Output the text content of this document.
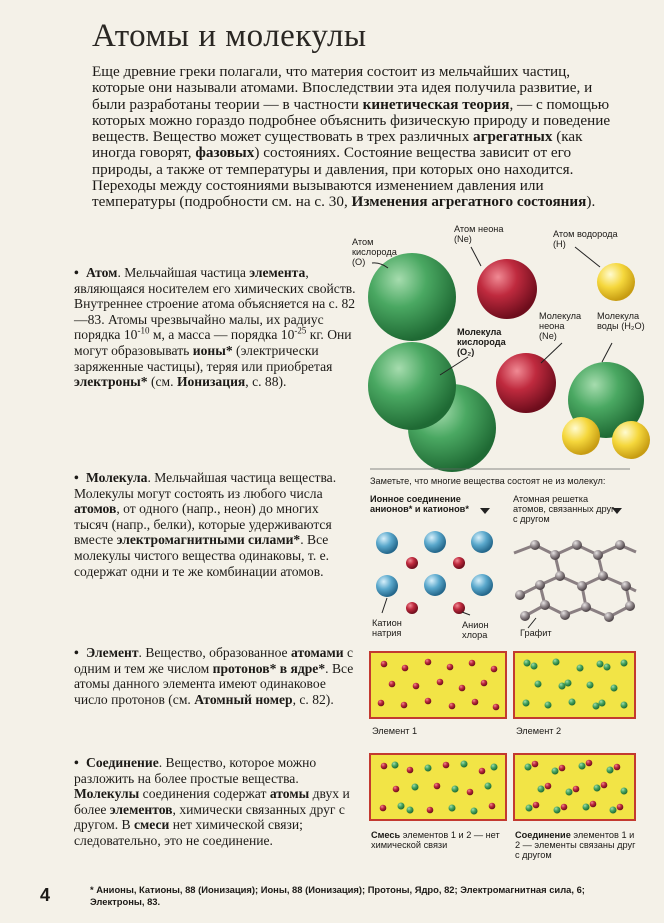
Атомы и молекулы
Еще древние греки полагали, что материя состоит из мельчайших частиц, которые они называли атомами. Впоследствии эта идея получила развитие, и были разработаны теории — в частности кинетическая теория, — с помощью которых можно гораздо подробнее объяснить физическую природу и поведение веществ. Вещество может существовать в трех различных агрегатных (как иногда говорят, фазовых) состояниях. Состояние вещества зависит от его природы, а также от температуры и давления, при которых оно находится. Переходы между состояниями вызываются изменением давления или температуры (подробности см. на с. 30, Изменения агрегатного состояния).
• Атом. Мельчайшая частица элемента, являющаяся носителем его химических свойств. Внутреннее строение атома объясняется на с. 82—83. Атомы чрезвычайно малы, их радиус порядка $10^{-10}$ м, а масса — порядка $10^{-25}$ кг. Они могут образовывать ионы* (электрически заряженные частицы), теряя или приобретая электроны* (см. Ионизация, с. 88).
• Молекула. Мельчайшая частица вещества. Молекулы могут состоять из любого числа атомов, от одного (напр., неон) до многих тысяч (напр., белки), которые удерживаются вместе электромагнитными силами*. Все молекулы чистого вещества одинаковы, т. е. содержат одни и те же комбинации атомов.
• Элемент. Вещество, образованное атомами с одним и тем же числом протонов* в ядре*. Все атомы данного элемента имеют одинаковое число протонов (см. Атомный номер, с. 82).
• Соединение. Вещество, которое можно разложить на более простые вещества. Молекулы соединения содержат атомы двух и более элементов, химически связанных друг с другом. В смеси нет химической связи; следовательно, это не соединение.
Атом кислорода (O)
Атом неона (Ne)	Атом водорода (H)
Молекула кислорода (O₂)
Молекула неона (Ne)
Молекула воды (H₂O)
Заметьте, что многие вещества состоят не из молекул:
Ионное соединение анионов* и катионов*
Атомная решетка атомов, связанных друг с другом
Катион натрия
Анион хлора	Графит
Элемент 1	Элемент 2
Смесь элементов 1 и 2 — нет химической связи
Соединение элементов 1 и 2 — элементы связаны друг с другом
4	* Анионы, Катионы, 88 (Ионизация); Ионы, 88 (Ионизация); Протоны, Ядро, 82; Электромагнитная сила, 6; Электроны, 83.
